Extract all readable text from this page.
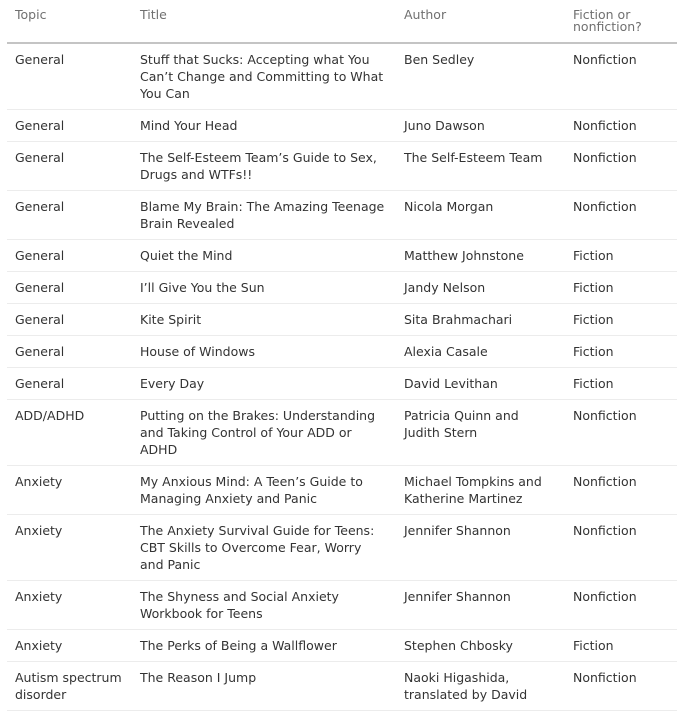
Topic	Title	Author	Fiction or nonfiction?
General	Stuff that Sucks: Accepting what You Can’t Change and Committing to What You Can	Ben Sedley	Nonfiction
General	Mind Your Head	Juno Dawson	Nonfiction
General	The Self-Esteem Team’s Guide to Sex, Drugs and WTFs!!	The Self-Esteem Team	Nonfiction
General	Blame My Brain: The Amazing Teenage Brain Revealed	Nicola Morgan	Nonfiction
General	Quiet the Mind	Matthew Johnstone	Fiction
General	I’ll Give You the Sun	Jandy Nelson	Fiction
General	Kite Spirit	Sita Brahmachari	Fiction
General	House of Windows	Alexia Casale	Fiction
General	Every Day	David Levithan	Fiction
ADD/ADHD	Putting on the Brakes: Understanding and Taking Control of Your ADD or ADHD	Patricia Quinn and Judith Stern	Nonfiction
Anxiety	My Anxious Mind: A Teen’s Guide to Managing Anxiety and Panic	Michael Tompkins and Katherine Martinez	Nonfiction
Anxiety	The Anxiety Survival Guide for Teens: CBT Skills to Overcome Fear, Worry and Panic	Jennifer Shannon	Nonfiction
Anxiety	The Shyness and Social Anxiety Workbook for Teens	Jennifer Shannon	Nonfiction
Anxiety	The Perks of Being a Wallflower	Stephen Chbosky	Fiction
Autism spectrum disorder	The Reason I Jump	Naoki Higashida, translated by David	Nonfiction
